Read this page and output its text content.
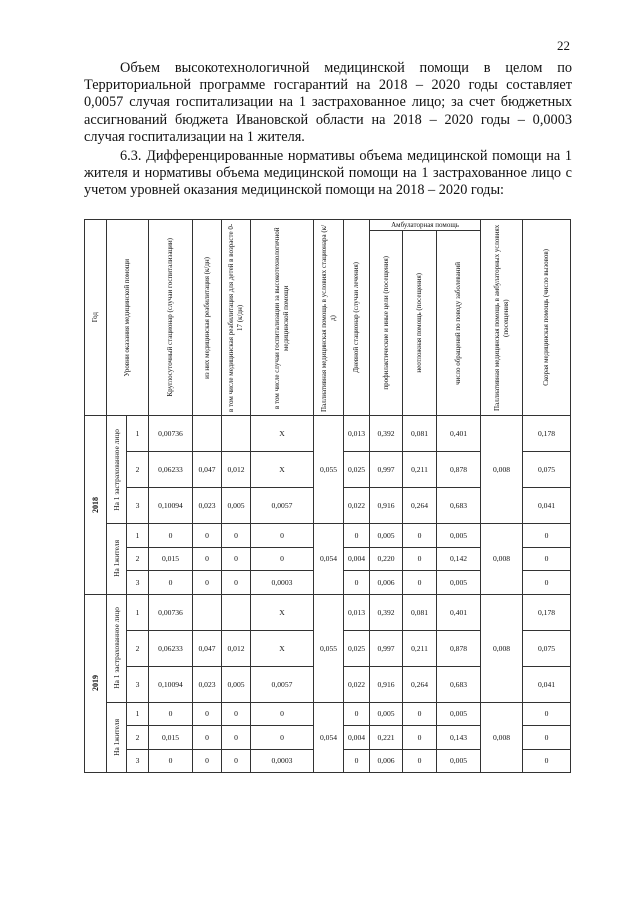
22

Объем высокотехнологичной медицинской помощи в целом по Территориальной программе госгарантий на 2018 – 2020 годы составляет 0,0057 случая госпитализации на 1 застрахованное лицо; за счет бюджетных ассигнований бюджета Ивановской области на 2018 – 2020 годы – 0,0003 случая госпитализации на 1 жителя.

6.3. Дифференцированные нормативы объема медицинской помощи на 1 жителя и нормативы объема медицинской помощи на 1 застрахованное лицо с учетом уровней оказания медицинской помощи на 2018 – 2020 годы:

Год	Уровни оказания медицинской помощи		Круглосуточный стационар (случаи госпитализации)	из них медицинская реабилитация (к/дн)	в том числе медицинская реабилитация для детей в возрасте 0-17 (к/дн)	в том числе случаи госпитализации за высокотехнологичной медицинской помощи	Паллиативная медицинская помощь в условиях стационара (к/д)	Дневной стационар (случаи лечения)	Амбулаторная помощь			Паллиативная медицинская помощь в амбулаторных условиях (посещения)	Скорая медицинская помощь (число вызовов)

									профилактические и иные цели (посещения)	неотложная помощь (посещения)	число обращений по поводу заболеваний		

2018	На 1 застрахованное лицо	1	0,00736			Х	0,055	0,013	0,392	0,081	0,401	0,008	0,178
		2	0,06233	0,047	0,012	Х		0,025	0,997	0,211	0,878		0,075
		3	0,10094	0,023	0,005	0,0057		0,022	0,916	0,264	0,683		0,041

	На 1жителя	1	0	0	0	0	0,054	0	0,005	0	0,005	0,008	0
		2	0,015	0	0	0		0,004	0,220	0	0,142		0
		3	0	0	0	0,0003		0	0,006	0	0,005		0

2019	На 1 застрахованное лицо	1	0,00736			Х	0,055	0,013	0,392	0,081	0,401	0,008	0,178
		2	0,06233	0,047	0,012	Х		0,025	0,997	0,211	0,878		0,075
		3	0,10094	0,023	0,005	0,0057		0,022	0,916	0,264	0,683		0,041

	На 1жителя	1	0	0	0	0	0,054	0	0,005	0	0,005	0,008	0
		2	0,015	0	0	0		0,004	0,221	0	0,143		0
		3	0	0	0	0,0003		0	0,006	0	0,005		0
